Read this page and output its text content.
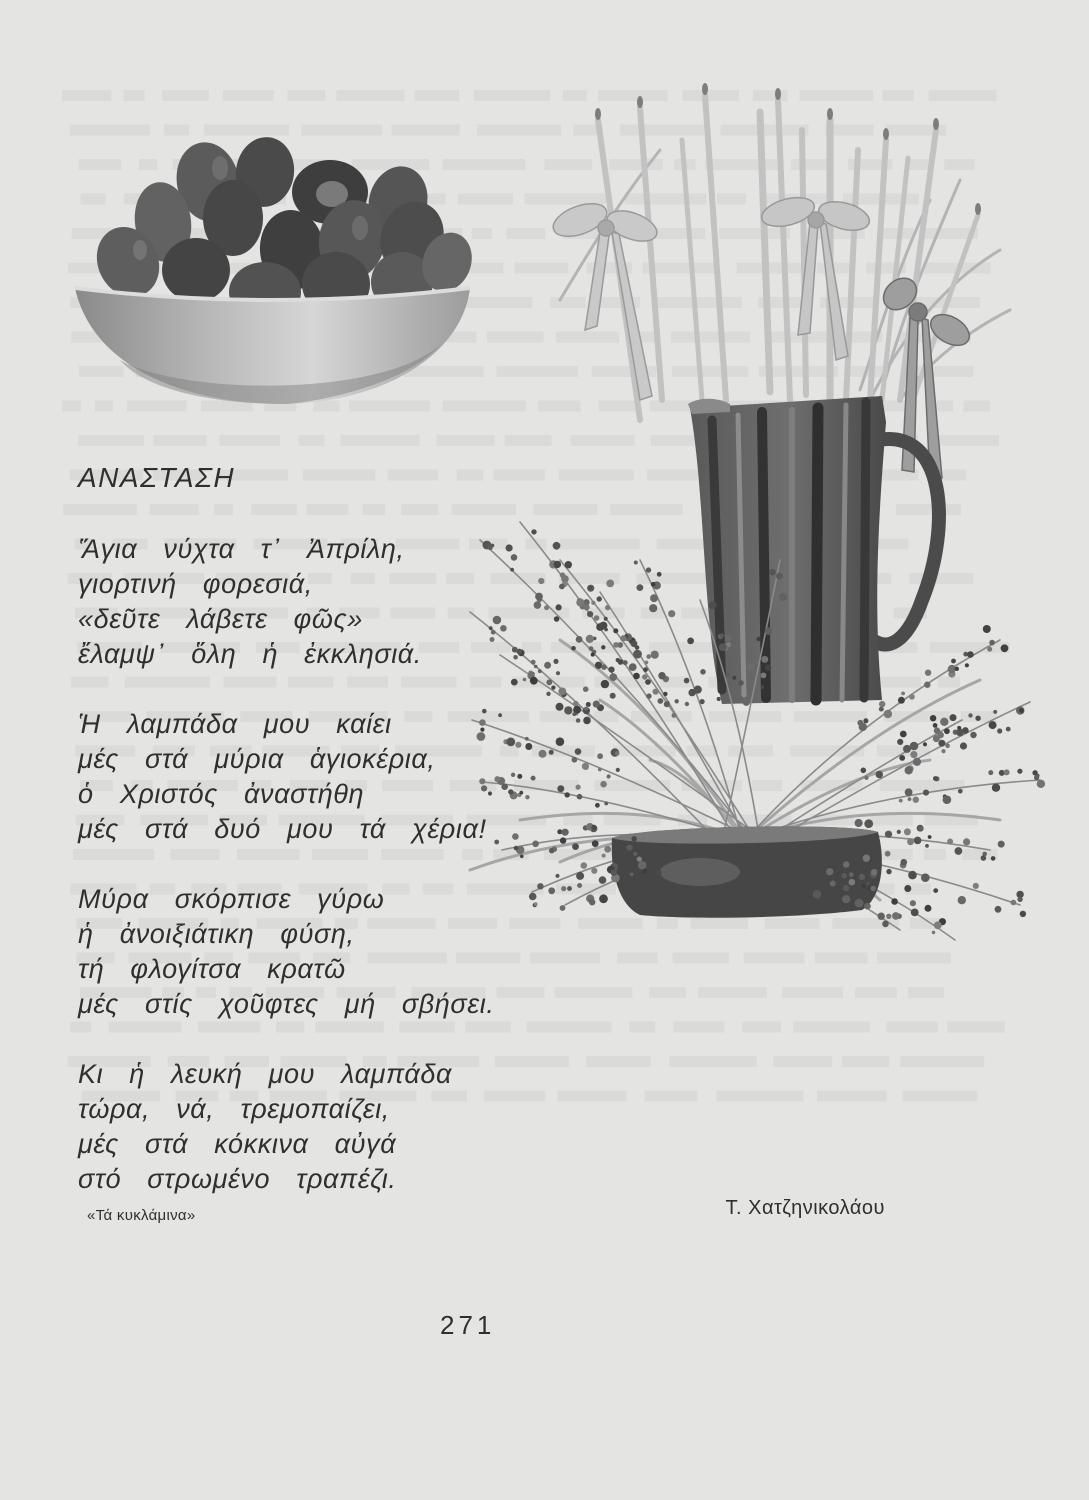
ΑΝΑΣΤΑΣΗ
Ἅγια νύχτα τ᾽ Ἀπρίλη,
γιορτινή φορεσιά,
«δεῦτε λάβετε φῶς»
ἔλαμψ᾽ ὅλη ἡ ἐκκλησιά.
Ἡ λαμπάδα μου καίει
μές στά μύρια ἁγιοκέρια,
ὁ Χριστός ἀναστήθη
μές στά δυό μου τά χέρια!
Μύρα σκόρπισε γύρω
ἡ ἀνοιξιάτικη φύση,
τή φλογίτσα κρατῶ
μές στίς χοῦφτες μή σβήσει.
Κι ἡ λευκή μου λαμπάδα
τώρα, νά, τρεμοπαίζει,
μές στά κόκκινα αὐγά
στό στρωμένο τραπέζι.
«Τά κυκλάμινα»	Τ. Χατζηνικολάου
271
